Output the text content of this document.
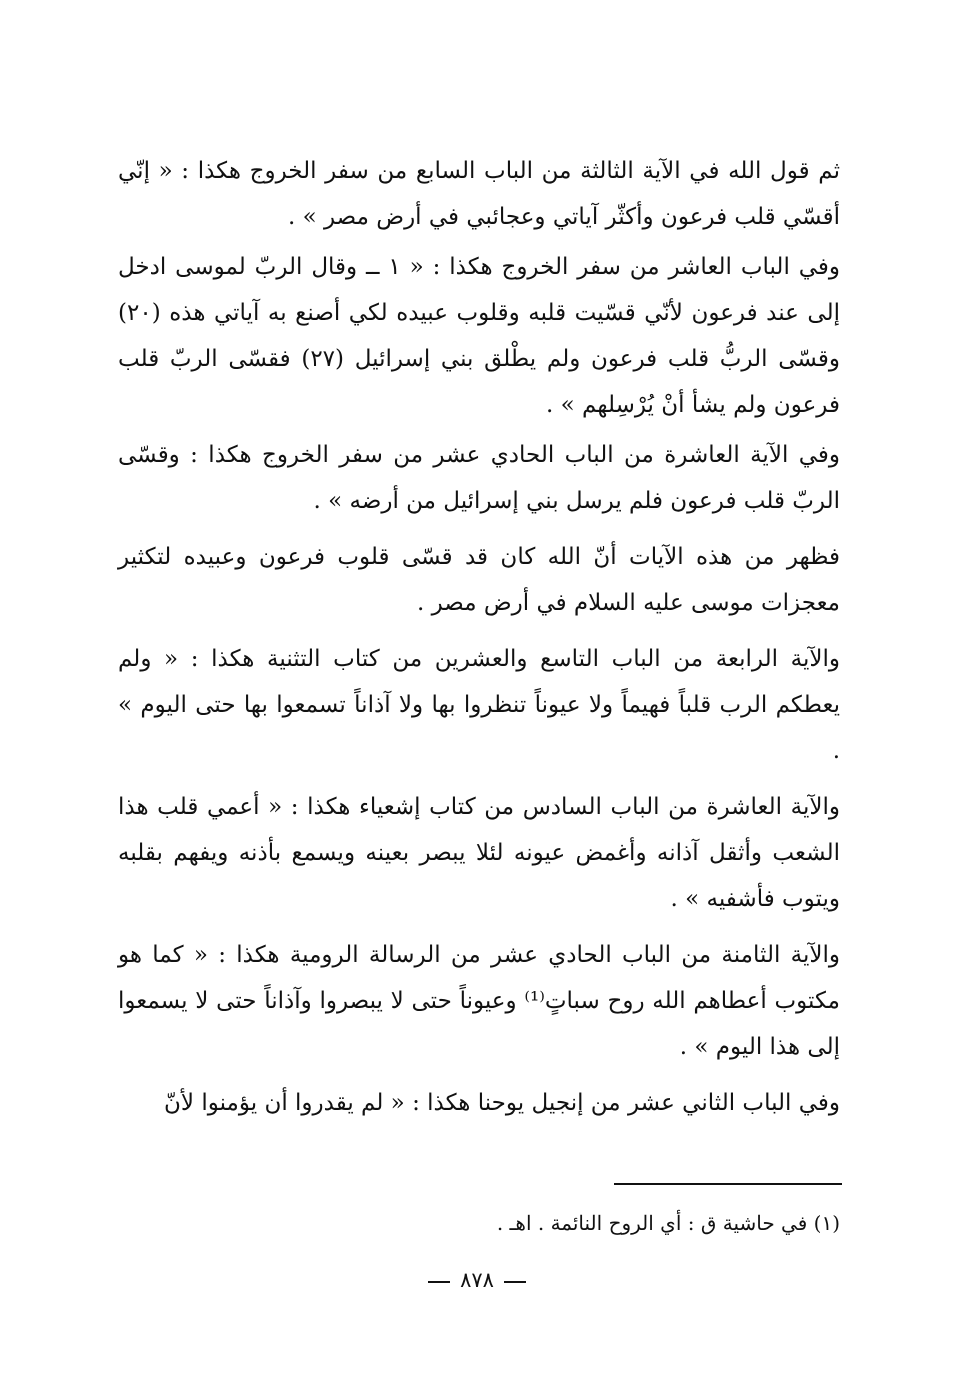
ثم قول الله في الآية الثالثة من الباب السابع من سفر الخروج هكذا : « إنّي أقسّي قلب فرعون وأكثّر آياتي وعجائبي في أرض مصر » .

وفي الباب العاشر من سفر الخروج هكذا : « ١ ــ وقال الربّ لموسى ادخل إلى عند فرعون لأنّي قسّيت قلبه وقلوب عبيده لكي أصنع به آياتي هذه (٢٠) وقسّى الربُّ قلب فرعون ولم يطْلق بني إسرائيل (٢٧) فقسّى الربّ قلب فرعون ولم يشأ أنْ يُرْسِلهم » .

وفي الآية العاشرة من الباب الحادي عشر من سفر الخروج هكذا : وقسّى الربّ قلب فرعون فلم يرسل بني إسرائيل من أرضه » .

فظهر من هذه الآيات أنّ الله كان قد قسّى قلوب فرعون وعبيده لتكثير معجزات موسى عليه السلام في أرض مصر .

والآية الرابعة من الباب التاسع والعشرين من كتاب التثنية هكذا : « ولم يعطكم الرب قلباً فهيماً ولا عيوناً تنظروا بها ولا آذاناً تسمعوا بها حتى اليوم » .

والآية العاشرة من الباب السادس من كتاب إشعياء هكذا : « أعمي قلب هذا الشعب وأثقل آذانه وأغمض عيونه لئلا يبصر بعينه ويسمع بأذنه ويفهم بقلبه ويتوب فأشفيه » .

والآية الثامنة من الباب الحادي عشر من الرسالة الرومية هكذا : « كما هو مكتوب أعطاهم الله روح سباتٍ⁽¹⁾ وعيوناً حتى لا يبصروا وآذاناً حتى لا يسمعوا إلى هذا اليوم » .

وفي الباب الثاني عشر من إنجيل يوحنا هكذا : « لم يقدروا أن يؤمنوا لأنّ

(١) في حاشية ق : أي الروح النائمة . اهـ .

٨٧٨
